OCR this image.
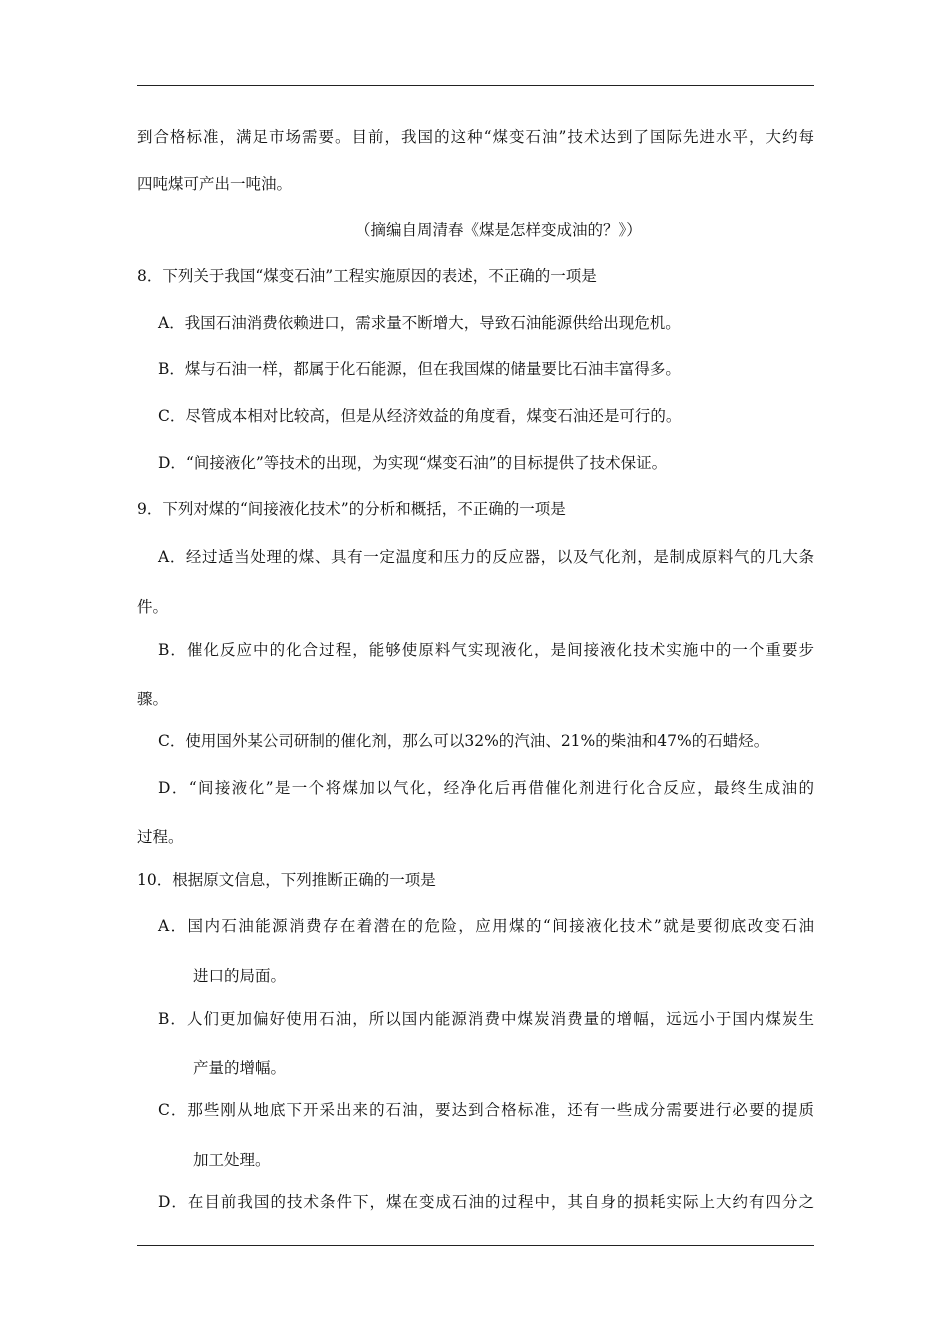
到合格标准，满足市场需要。目前，我国的这种“煤变石油”技术达到了国际先进水平，大约每
四吨煤可产出一吨油。
（摘编自周清春《煤是怎样变成油的？》）
8．下列关于我国“煤变石油”工程实施原因的表述，不正确的一项是
A．我国石油消费依赖进口，需求量不断增大，导致石油能源供给出现危机。
B．煤与石油一样，都属于化石能源，但在我国煤的储量要比石油丰富得多。
C．尽管成本相对比较高，但是从经济效益的角度看，煤变石油还是可行的。
D．“间接液化”等技术的出现，为实现“煤变石油”的目标提供了技术保证。
9．下列对煤的“间接液化技术”的分析和概括，不正确的一项是
A．经过适当处理的煤、具有一定温度和压力的反应器，以及气化剂，是制成原料气的几大条
件。
B．催化反应中的化合过程，能够使原料气实现液化，是间接液化技术实施中的一个重要步
骤。
C．使用国外某公司研制的催化剂，那么可以32%的汽油、21%的柴油和47%的石蜡烃。
D．“间接液化”是一个将煤加以气化，经净化后再借催化剂进行化合反应，最终生成油的
过程。
10．根据原文信息，下列推断正确的一项是
A．国内石油能源消费存在着潜在的危险，应用煤的“间接液化技术”就是要彻底改变石油
进口的局面。
B．人们更加偏好使用石油，所以国内能源消费中煤炭消费量的增幅，远远小于国内煤炭生
产量的增幅。
C．那些刚从地底下开采出来的石油，要达到合格标准，还有一些成分需要进行必要的提质
加工处理。
D．在目前我国的技术条件下，煤在变成石油的过程中，其自身的损耗实际上大约有四分之
